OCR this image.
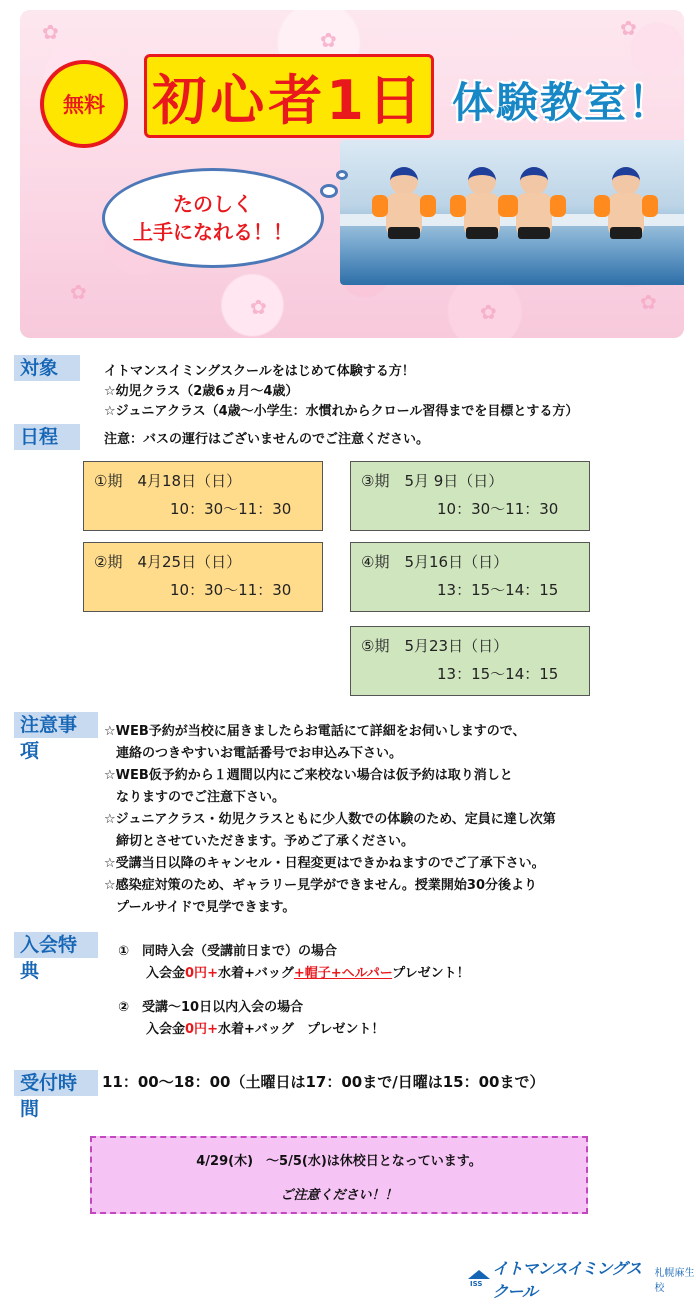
✿	✿	✿
✿
✿	✿	✿
無料 初心者1日 体験教室！
たのしく
上手になれる！！
対象	イトマンスイミングスクールをはじめて体験する方！
☆幼児クラス（2歳6ヵ月～4歳）
☆ジュニアクラス（4歳～小学生：水慣れからクロール習得までを目標とする方）
日程	注意：バスの運行はございませんのでご注意ください。
①期　4月18日（日）
10：30～11：30
②期　4月25日（日）
10：30～11：30
③期　5月 9日（日）
10：30～11：30
④期　5月16日（日）
13：15～14：15
⑤期　5月23日（日）
13：15～14：15
注意事項
☆WEB予約が当校に届きましたらお電話にて詳細をお伺いしますので、
連絡のつきやすいお電話番号でお申込み下さい。
☆WEB仮予約から１週間以内にご来校ない場合は仮予約は取り消しと
なりますのでご注意下さい。
☆ジュニアクラス・幼児クラスともに少人数での体験のため、定員に達し次第
締切とさせていただきます。予めご了承ください。
☆受講当日以降のキャンセル・日程変更はできかねますのでご了承下さい。
☆感染症対策のため、ギャラリー見学ができません。授業開始30分後より
プールサイドで見学できます。
入会特典
①　同時入会（受講前日まで）の場合
入会金0円+水着+バッグ+帽子+ヘルパープレゼント！
②　受講～10日以内入会の場合
入会金0円+水着+バッグ　プレゼント！
受付時間
11：00～18：00（土曜日は17：00まで/日曜は15：00まで）
4/29(木)　～5/5(水)は休校日となっています。
ご注意ください！！
ISS
イトマンスイミングスクール
札幌麻生校
